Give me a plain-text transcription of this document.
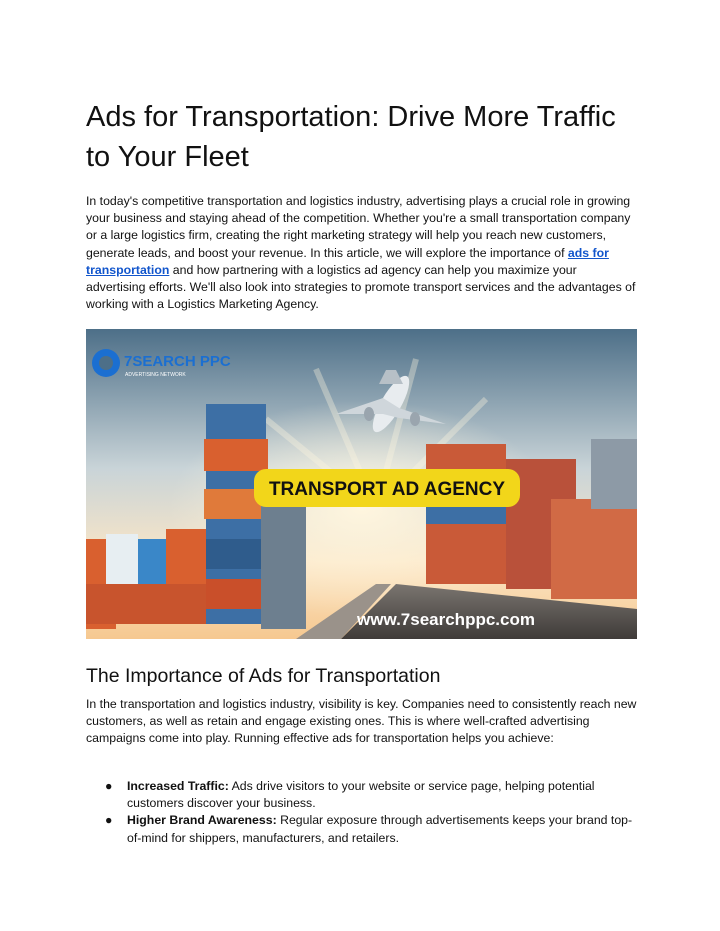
Ads for Transportation: Drive More Traffic to Your Fleet

In today's competitive transportation and logistics industry, advertising plays a crucial role in growing your business and staying ahead of the competition. Whether you're a small transportation company or a large logistics firm, creating the right marketing strategy will help you reach new customers, generate leads, and boost your revenue. In this article, we will explore the importance of ads for transportation and how partnering with a logistics ad agency can help you maximize your advertising efforts. We'll also look into strategies to promote transport services and the advantages of working with a Logistics Marketing Agency.

7SEARCH PPC
ADVERTISING NETWORK
TRANSPORT AD AGENCY
www.7searchppc.com
The Importance of Ads for Transportation

In the transportation and logistics industry, visibility is key. Companies need to consistently reach new customers, as well as retain and engage existing ones. This is where well-crafted advertising campaigns come into play. Running effective ads for transportation helps you achieve:

● Increased Traffic: Ads drive visitors to your website or service page, helping potential customers discover your business.
● Higher Brand Awareness: Regular exposure through advertisements keeps your brand top-of-mind for shippers, manufacturers, and retailers.
